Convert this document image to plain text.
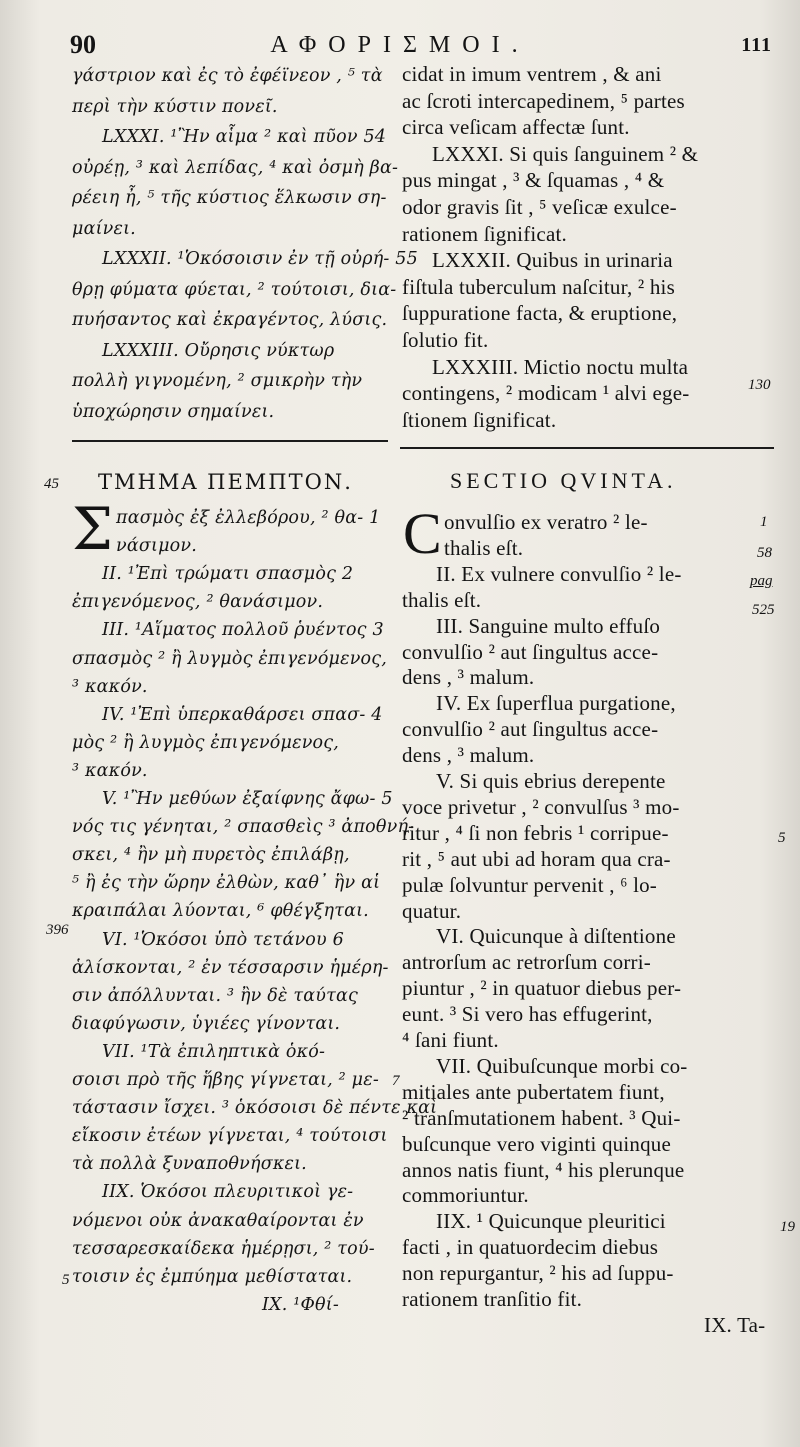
90	ΑΦΟΡΙΣΜΟΙ.	111
γάστριον καὶ ἐς τὸ ἐφέϊνεον , ⁵ τὰ
περὶ τὴν κύστιν πονεῖ.
LXXXI. ¹Ἢν αἷμα ² καὶ πῦον 54
οὐρέῃ, ³ καὶ λεπίδας, ⁴ καὶ ὀσμὴ βα-
ρέειη ἦ, ⁵ τῆς κύστιος ἕλκωσιν ση-
μαίνει.
LXXXII. ¹Ὁκόσοισιν ἐν τῇ οὐρή- 55
θρῃ φύματα φύεται, ² τούτοισι, δια-
πυήσαντος καὶ ἐκραγέντος, λύσις.
LXXXIII. Οὔρησις νύκτωρ
πολλὴ γιγνομένη, ² σμικρὴν τὴν
ὑποχώρησιν σημαίνει.
cidat in imum ventrem , & ani
ac ſcroti intercapedinem, ⁵ partes
circa veſicam affectæ ſunt.
LXXXI. Si quis ſanguinem ² &
pus mingat , ³ & ſquamas , ⁴ &
odor gravis ſit , ⁵ veſicæ exulce-
rationem ſignificat.
LXXXII. Quibus in urinaria
fiſtula tuberculum naſcitur, ² his
ſuppuratione facta, & eruptione,
ſolutio fit.
LXXXIII. Mictio noctu multa
contingens, ² modicam ¹ alvi ege-
ſtionem ſignificat.
ΤΜΗΜΑ ΠΕΜΠΤΟΝ.	SECTIO QVINTA.
Σ	C
πασμὸς ἐξ ἐλλεβόρου, ² θα- 1
νάσιμον.
II. ¹Ἐπὶ τρώματι σπασμὸς 2
ἐπιγενόμενος, ² θανάσιμον.
III. ¹Αἵματος πολλοῦ ῥυέντος 3
σπασμὸς ² ἢ λυγμὸς ἐπιγενόμενος,
³ κακόν.
IV. ¹Ἐπὶ ὑπερκαθάρσει σπασ- 4
μὸς ² ἢ λυγμὸς ἐπιγενόμενος,
³ κακόν.
V. ¹Ἢν μεθύων ἐξαίφνης ἄφω- 5
νός τις γένηται, ² σπασθεὶς ³ ἀποθνή-
σκει, ⁴ ἢν μὴ πυρετὸς ἐπιλάβῃ,
⁵ ἢ ἐς τὴν ὥρην ἐλθὼν, καθ᾽ ἣν αἱ
κραιπάλαι λύονται, ⁶ φθέγξηται.
VI. ¹Ὁκόσοι ὑπὸ τετάνου 6
ἁλίσκονται, ² ἐν τέσσαρσιν ἡμέρη-
σιν ἀπόλλυνται. ³ ἢν δὲ ταύτας
διαφύγωσιν, ὑγιέες γίνονται.
VII. ¹Τὰ ἐπιληπτικὰ ὁκό-
σοισι πρὸ τῆς ἥβης γίγνεται, ² με-
τάστασιν ἴσχει. ³ ὁκόσοισι δὲ πέντε καὶ
εἴκοσιν ἐτέων γίγνεται, ⁴ τούτοισι
τὰ πολλὰ ξυναποθνήσκει.
IIX. Ὁκόσοι πλευριτικοὶ γε-
νόμενοι οὐκ ἀνακαθαίρονται ἐν
τεσσαρεσκαίδεκα ἡμέρῃσι, ² τού-
τοισιν ἐς ἐμπύημα μεθίσταται.
IX. ¹Φθί-
onvulſio ex veratro ² le-
thalis eſt.
II. Ex vulnere convulſio ² le-
thalis eſt.
III. Sanguine multo effuſo
convulſio ² aut ſingultus acce-
dens , ³ malum.
IV. Ex ſuperflua purgatione,
convulſio ² aut ſingultus acce-
dens , ³ malum.
V. Si quis ebrius derepente
voce privetur , ² convulſus ³ mo-
ritur , ⁴ ſi non febris ¹ corripue-
rit , ⁵ aut ubi ad horam qua cra-
pulæ ſolvuntur pervenit , ⁶ lo-
quatur.
VI. Quicunque à diſtentione
antrorſum ac retrorſum corri-
piuntur , ² in quatuor diebus per-
eunt. ³ Si vero has effugerint,
⁴ ſani fiunt.
VII. Quibuſcunque morbi co-
mitiales ante pubertatem fiunt,
² tranſmutationem habent. ³ Qui-
buſcunque vero viginti quinque
annos natis fiunt, ⁴ his plerunque
commoriuntur.
IIX. ¹ Quicunque pleuritici
facti , in quatuordecim diebus
non repurgantur, ² his ad ſuppu-
rationem tranſitio fit.
IX. Ta-
45
1
58
pag
525
130
396
5
7
5
19
